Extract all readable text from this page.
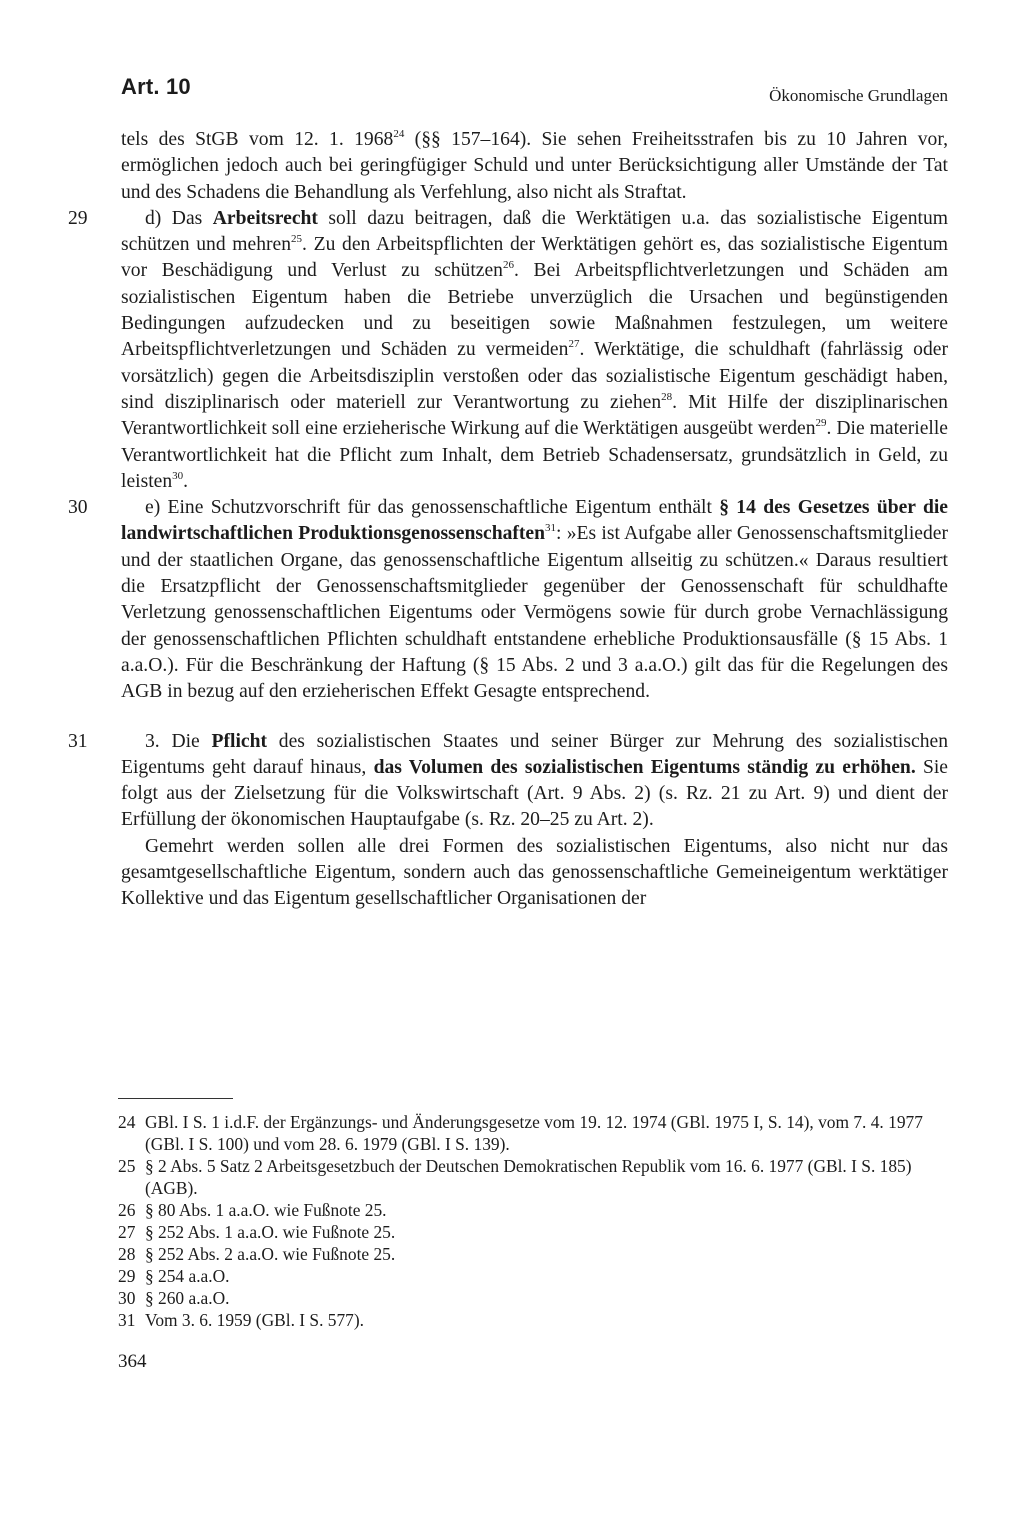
Art. 10	Ökonomische Grundlagen

tels des StGB vom 12. 1. 1968$^{24}$ (§§ 157–164). Sie sehen Freiheitsstrafen bis zu 10 Jahren vor, ermöglichen jedoch auch bei geringfügiger Schuld und unter Berücksichtigung aller Umstände der Tat und des Schadens die Behandlung als Verfehlung, also nicht als Straftat.

29	d) Das Arbeitsrecht soll dazu beitragen, daß die Werktätigen u.a. das sozialistische Eigentum schützen und mehren$^{25}$. Zu den Arbeitspflichten der Werktätigen gehört es, das sozialistische Eigentum vor Beschädigung und Verlust zu schützen$^{26}$. Bei Arbeitspflichtverletzungen und Schäden am sozialistischen Eigentum haben die Betriebe unverzüglich die Ursachen und begünstigenden Bedingungen aufzudecken und zu beseitigen sowie Maßnahmen festzulegen, um weitere Arbeitspflichtverletzungen und Schäden zu vermeiden$^{27}$. Werktätige, die schuldhaft (fahrlässig oder vorsätzlich) gegen die Arbeitsdisziplin verstoßen oder das sozialistische Eigentum geschädigt haben, sind disziplinarisch oder materiell zur Verantwortung zu ziehen$^{28}$. Mit Hilfe der disziplinarischen Verantwortlichkeit soll eine erzieherische Wirkung auf die Werktätigen ausgeübt werden$^{29}$. Die materielle Verantwortlichkeit hat die Pflicht zum Inhalt, dem Betrieb Schadensersatz, grundsätzlich in Geld, zu leisten$^{30}$.

30	e) Eine Schutzvorschrift für das genossenschaftliche Eigentum enthält § 14 des Gesetzes über die landwirtschaftlichen Produktionsgenossenschaften$^{31}$: »Es ist Aufgabe aller Genossenschaftsmitglieder und der staatlichen Organe, das genossenschaftliche Eigentum allseitig zu schützen.« Daraus resultiert die Ersatzpflicht der Genossenschaftsmitglieder gegenüber der Genossenschaft für schuldhafte Verletzung genossenschaftlichen Eigentums oder Vermögens sowie für durch grobe Vernachlässigung der genossenschaftlichen Pflichten schuldhaft entstandene erhebliche Produktionsausfälle (§ 15 Abs. 1 a.a.O.). Für die Beschränkung der Haftung (§ 15 Abs. 2 und 3 a.a.O.) gilt das für die Regelungen des AGB in bezug auf den erzieherischen Effekt Gesagte entsprechend.

31	3. Die Pflicht des sozialistischen Staates und seiner Bürger zur Mehrung des sozialistischen Eigentums geht darauf hinaus, das Volumen des sozialistischen Eigentums ständig zu erhöhen. Sie folgt aus der Zielsetzung für die Volkswirtschaft (Art. 9 Abs. 2) (s. Rz. 21 zu Art. 9) und dient der Erfüllung der ökonomischen Hauptaufgabe (s. Rz. 20–25 zu Art. 2).

Gemehrt werden sollen alle drei Formen des sozialistischen Eigentums, also nicht nur das gesamtgesellschaftliche Eigentum, sondern auch das genossenschaftliche Gemeineigentum werktätiger Kollektive und das Eigentum gesellschaftlicher Organisationen der

24 GBl. I S. 1 i.d.F. der Ergänzungs- und Änderungsgesetze vom 19. 12. 1974 (GBl. 1975 I, S. 14), vom 7. 4. 1977 (GBl. I S. 100) und vom 28. 6. 1979 (GBl. I S. 139).
25 § 2 Abs. 5 Satz 2 Arbeitsgesetzbuch der Deutschen Demokratischen Republik vom 16. 6. 1977 (GBl. I S. 185) (AGB).
26 § 80 Abs. 1 a.a.O. wie Fußnote 25.
27 § 252 Abs. 1 a.a.O. wie Fußnote 25.
28 § 252 Abs. 2 a.a.O. wie Fußnote 25.
29 § 254 a.a.O.
30 § 260 a.a.O.
31 Vom 3. 6. 1959 (GBl. I S. 577).
364
